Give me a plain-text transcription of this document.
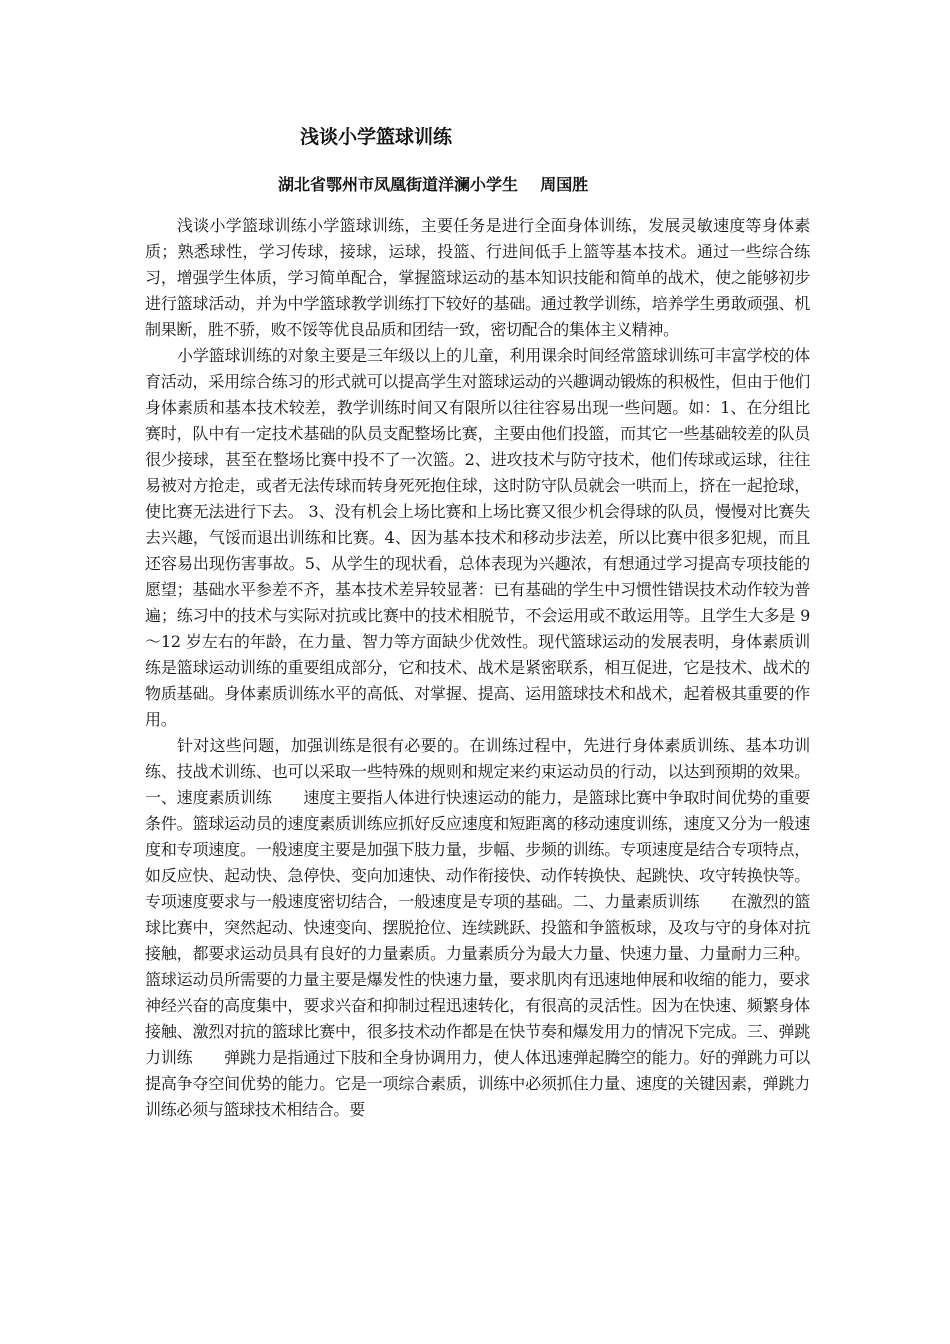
浅谈小学篮球训练
湖北省鄂州市凤凰街道洋澜小学生    周国胜

浅谈小学篮球训练小学篮球训练，主要任务是进行全面身体训练，发展灵敏速度等身体素质；熟悉球性，学习传球，接球，运球，投篮、行进间低手上篮等基本技术。通过一些综合练习，增强学生体质，学习简单配合，掌握篮球运动的基本知识技能和简单的战术，使之能够初步进行篮球活动，并为中学篮球教学训练打下较好的基础。通过教学训练，培养学生勇敢顽强、机制果断，胜不骄，败不馁等优良品质和团结一致，密切配合的集体主义精神。

小学篮球训练的对象主要是三年级以上的儿童，利用课余时间经常篮球训练可丰富学校的体育活动，采用综合练习的形式就可以提高学生对篮球运动的兴趣调动锻炼的积极性，但由于他们身体素质和基本技术较差，教学训练时间又有限所以往往容易出现一些问题。如：1、在分组比赛时，队中有一定技术基础的队员支配整场比赛，主要由他们投篮，而其它一些基础较差的队员很少接球，甚至在整场比赛中投不了一次篮。2、进攻技术与防守技术，他们传球或运球，往往易被对方抢走，或者无法传球而转身死死抱住球，这时防守队员就会一哄而上，挤在一起抢球，使比赛无法进行下去。 3、没有机会上场比赛和上场比赛又很少机会得球的队员，慢慢对比赛失去兴趣，气馁而退出训练和比赛。4、因为基本技术和移动步法差，所以比赛中很多犯规，而且还容易出现伤害事故。5、从学生的现状看，总体表现为兴趣浓，有想通过学习提高专项技能的愿望；基础水平参差不齐，基本技术差异较显著：已有基础的学生中习惯性错误技术动作较为普遍；练习中的技术与实际对抗或比赛中的技术相脱节，不会运用或不敢运用等。且学生大多是 9～12 岁左右的年龄，在力量、智力等方面缺少优效性。现代篮球运动的发展表明，身体素质训练是篮球运动训练的重要组成部分，它和技术、战术是紧密联系，相互促进，它是技术、战术的物质基础。身体素质训练水平的高低、对掌握、提高、运用篮球技术和战术，起着极其重要的作用。

针对这些问题，加强训练是很有必要的。在训练过程中，先进行身体素质训练、基本功训练、技战术训练、也可以采取一些特殊的规则和规定来约束运动员的行动，以达到预期的效果。一、速度素质训练　　速度主要指人体进行快速运动的能力，是篮球比赛中争取时间优势的重要条件。篮球运动员的速度素质训练应抓好反应速度和短距离的移动速度训练，速度又分为一般速度和专项速度。一般速度主要是加强下肢力量，步幅、步频的训练。专项速度是结合专项特点，如反应快、起动快、急停快、变向加速快、动作衔接快、动作转换快、起跳快、攻守转换快等。专项速度要求与一般速度密切结合，一般速度是专项的基础。二、力量素质训练　　在激烈的篮球比赛中，突然起动、快速变向、摆脱抢位、连续跳跃、投篮和争篮板球，及攻与守的身体对抗接触，都要求运动员具有良好的力量素质。力量素质分为最大力量、快速力量、力量耐力三种。篮球运动员所需要的力量主要是爆发性的快速力量，要求肌肉有迅速地伸展和收缩的能力，要求神经兴奋的高度集中，要求兴奋和抑制过程迅速转化，有很高的灵活性。因为在快速、频繁身体接触、激烈对抗的篮球比赛中，很多技术动作都是在快节奏和爆发用力的情况下完成。三、弹跳力训练　　弹跳力是指通过下肢和全身协调用力，使人体迅速弹起腾空的能力。好的弹跳力可以提高争夺空间优势的能力。它是一项综合素质，训练中必须抓住力量、速度的关键因素，弹跳力训练必须与篮球技术相结合。要
